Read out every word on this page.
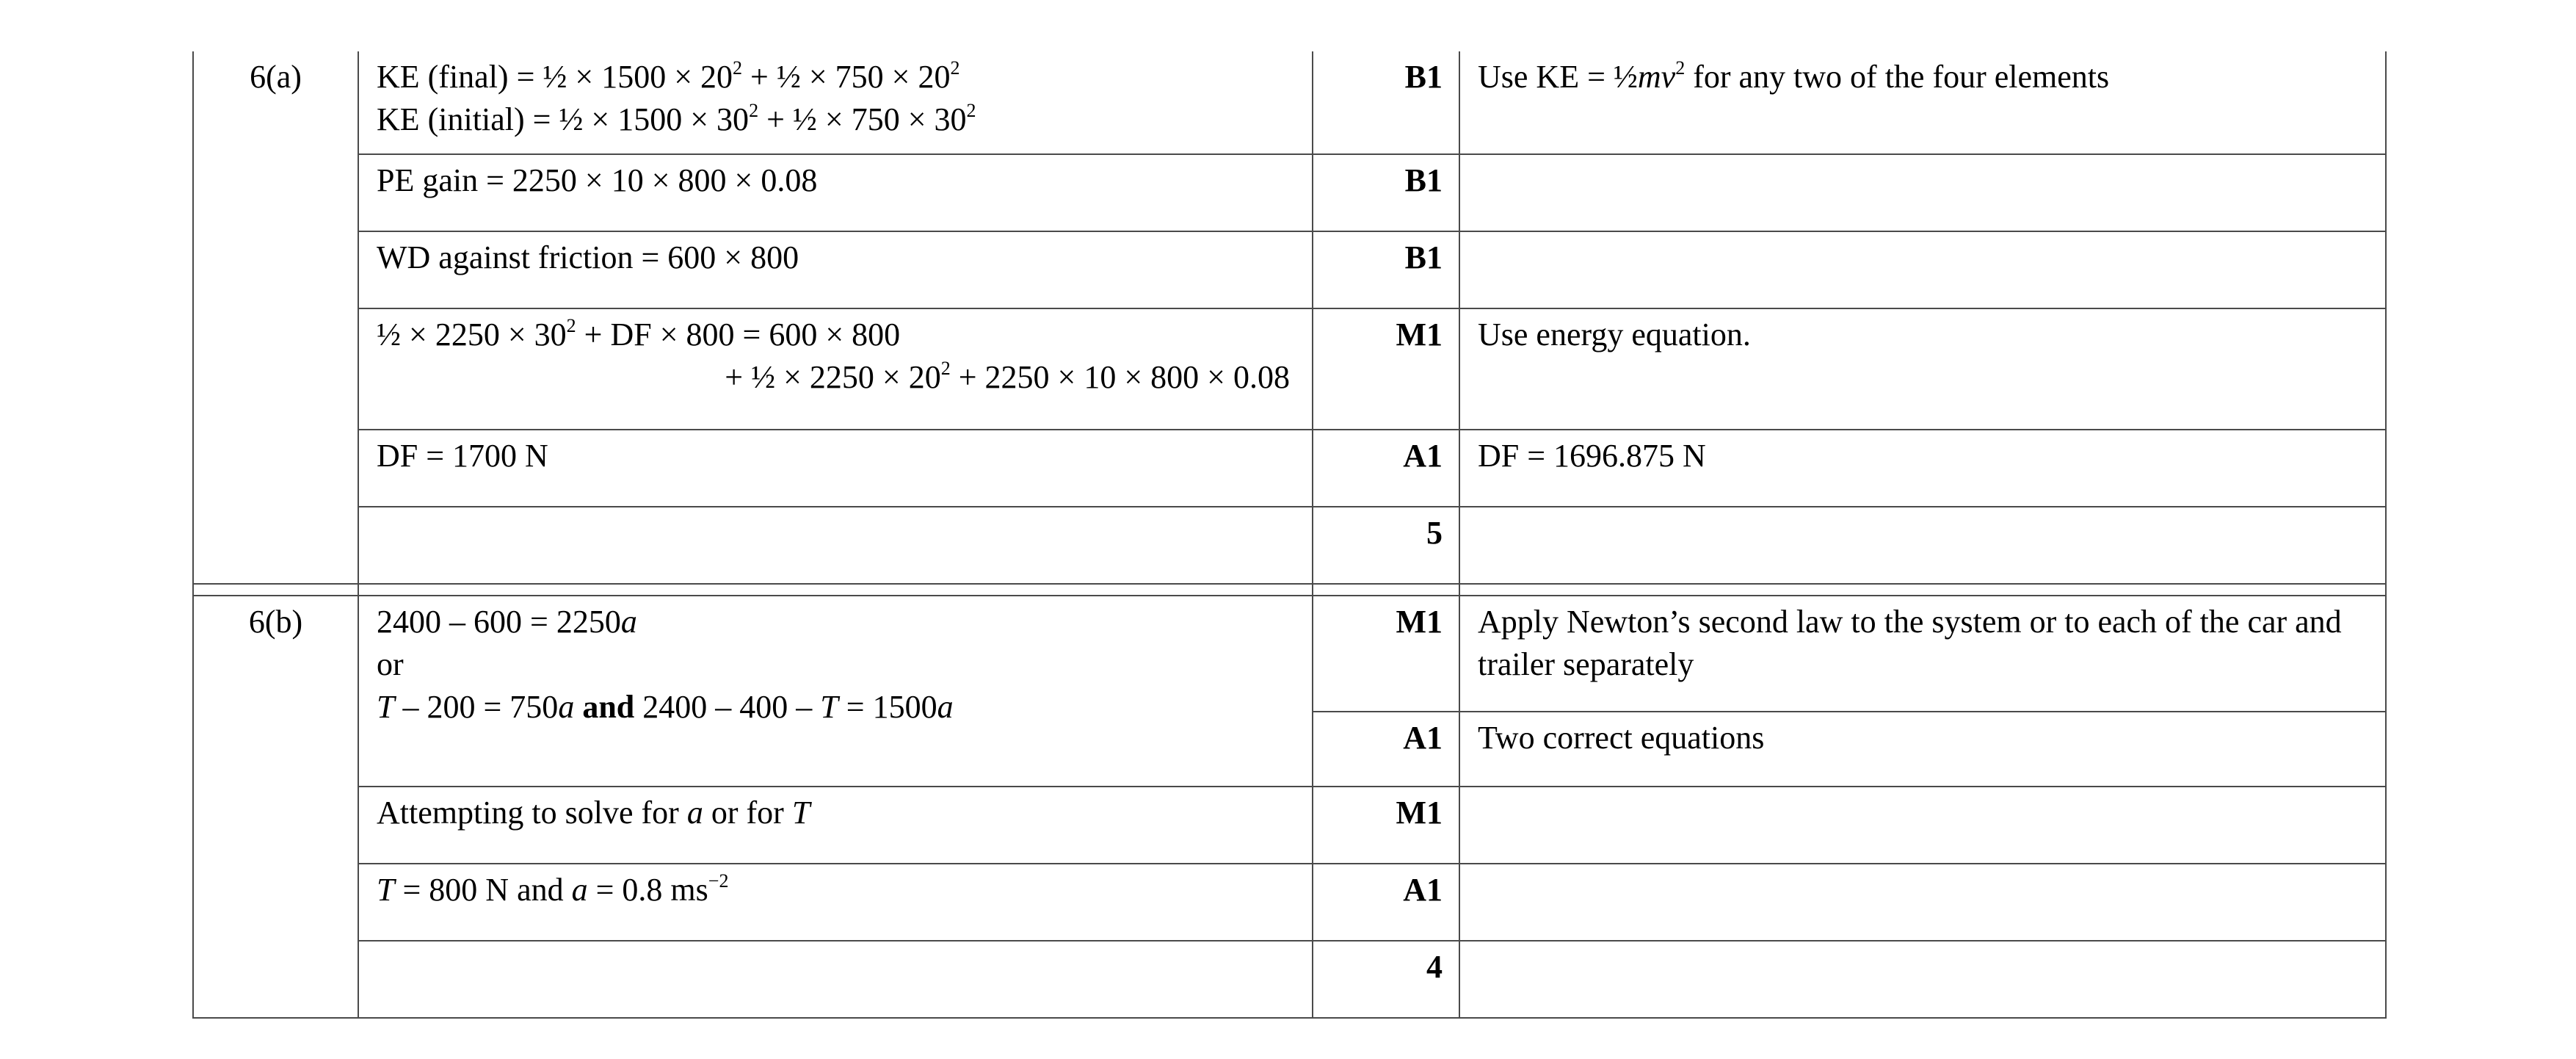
6(a)	KE (final) = ½ × $1500 \times 20^2$ + ½ × $750 \times 20^2$
KE (initial) = ½ × $1500 \times 30^2$ + ½ × $750 \times 30^2$	B1	Use KE = $\frac{1}{2}mv^2$ for any two of the four elements
	PE gain = 2250 × 10 × 800 × 0.08	B1	
	WD against friction = 600 × 800	B1	

	½ × $2250 \times 30^2$ + DF × 800 = 600 × 800
+ ½ × $2250 \times 20^2 + 2250 \times 10 \times 800 \times 0.08$	M1	Use energy equation.
	DF = 1700 N	A1	DF = 1696.875 N
		5	

6(b)	2400 – 600 = 2250a
or
T – 200 = 750a and 2400 – 400 – T = 1500a	M1	Apply Newton’s second law to the system or to each of the car and trailer separately
		A1	Two correct equations
	Attempting to solve for a or for T	M1	
	T = 800 N and a = 0.8 $ms^{-2}$	A1	
		4	
